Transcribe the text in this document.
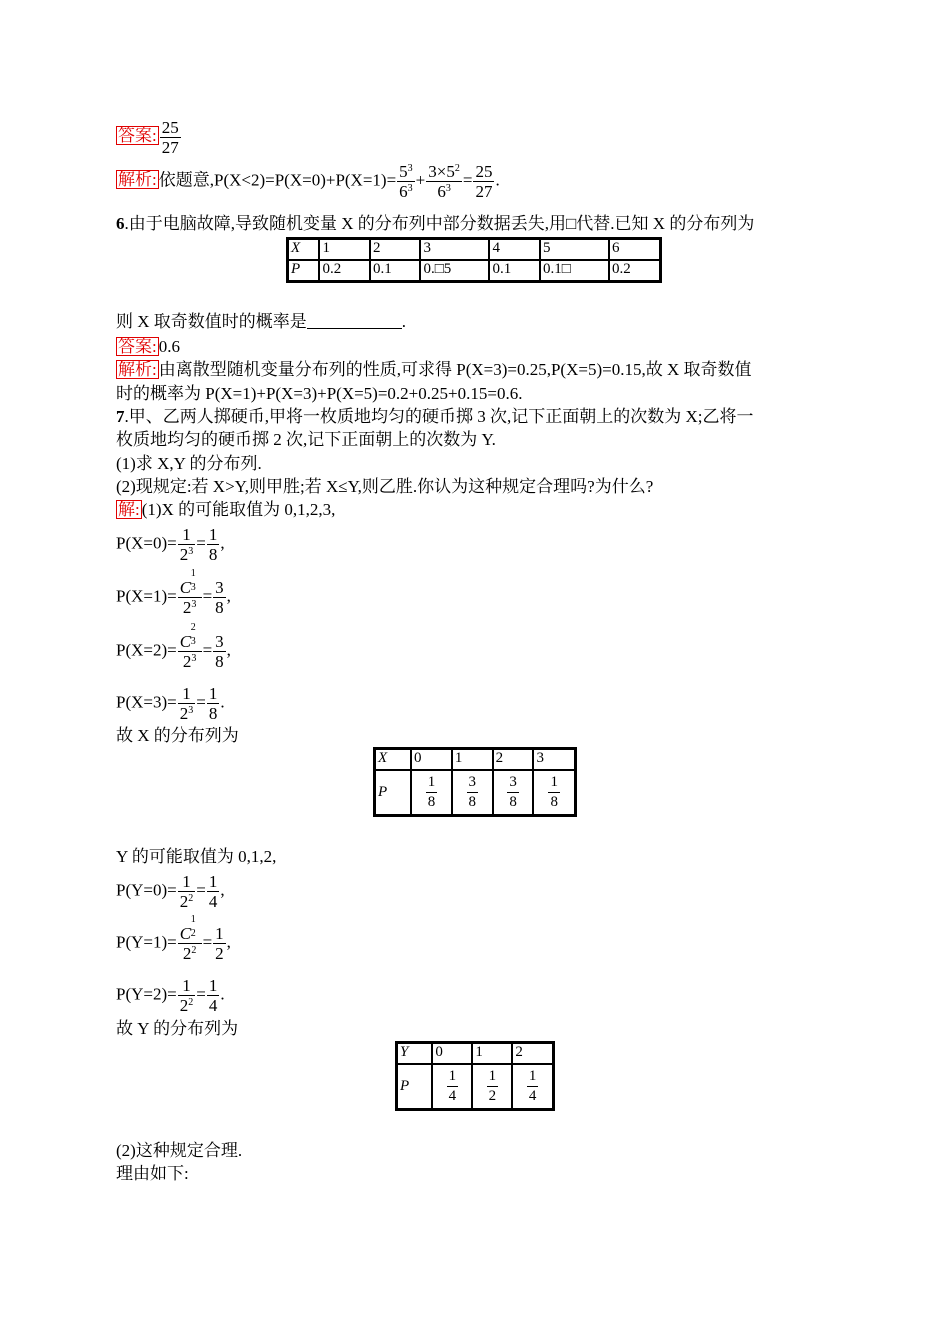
答案: $\frac{25}{27}$
解析: 依题意$,P(X<2)=P(X=0)+P(X=1)= \frac{5^3}{6^3} + \frac{3\times 5^2}{6^3} = \frac{25}{27}$ .
6.由于电脑故障,导致随机变量 X 的分布列中部分数据丢失,用□代替.已知 X 的分布列为
X	1	2	3	4	5	6
P	0.2	0.1	0.□5	0.1	0.1□	0.2
则 X 取奇数值时的概率是	.
答案: 0.6
解析: 由离散型随机变量分布列的性质,可求得 P(X=3)=0.25,P(X=5)=0.15,故 X 取奇数值
时的概率为 P(X=1)+P(X=3)+P(X=5)=0.2+0.25+0.15=0.6.
7.甲、乙两人掷硬币,甲将一枚质地均匀的硬币掷 3 次,记下正面朝上的次数为 X;乙将一
枚质地均匀的硬币掷 2 次,记下正面朝上的次数为 Y.
(1)求 X,Y 的分布列.
(2)现规定:若 X>Y,则甲胜;若 X≤Y,则乙胜.你认为这种规定合理吗?为什么?
解: (1)X 的可能取值为 0,1,2,3,
$P(X=0)= \frac{1}{2^3} = \frac{1}{8}$ ,
P(X=1)= C
1
3

$2^3 = \frac{3}{8}$ ,
P(X=2)= C
2
3

$2^3 = \frac{3}{8}$ ,
$P(X=3)= \frac{1}{2^3} = \frac{1}{8}$ .
故 X 的分布列为
X	0	1	2	3
P	$\frac{1}{8}$	$\frac{3}{8}$	$\frac{3}{8}$	$\frac{1}{8}$
Y 的可能取值为 0,1,2,
$P(Y=0)= \frac{1}{2^2} = \frac{1}{4}$ ,
P(Y=1)= C
1
2

$2^2 = \frac{1}{2}$ ,
$P(Y=2)= \frac{1}{2^2} = \frac{1}{4}$ .
故 Y 的分布列为
Y	0	1	2
P	$\frac{1}{4}$	$\frac{1}{2}$	$\frac{1}{4}$
(2)这种规定合理.
理由如下:
